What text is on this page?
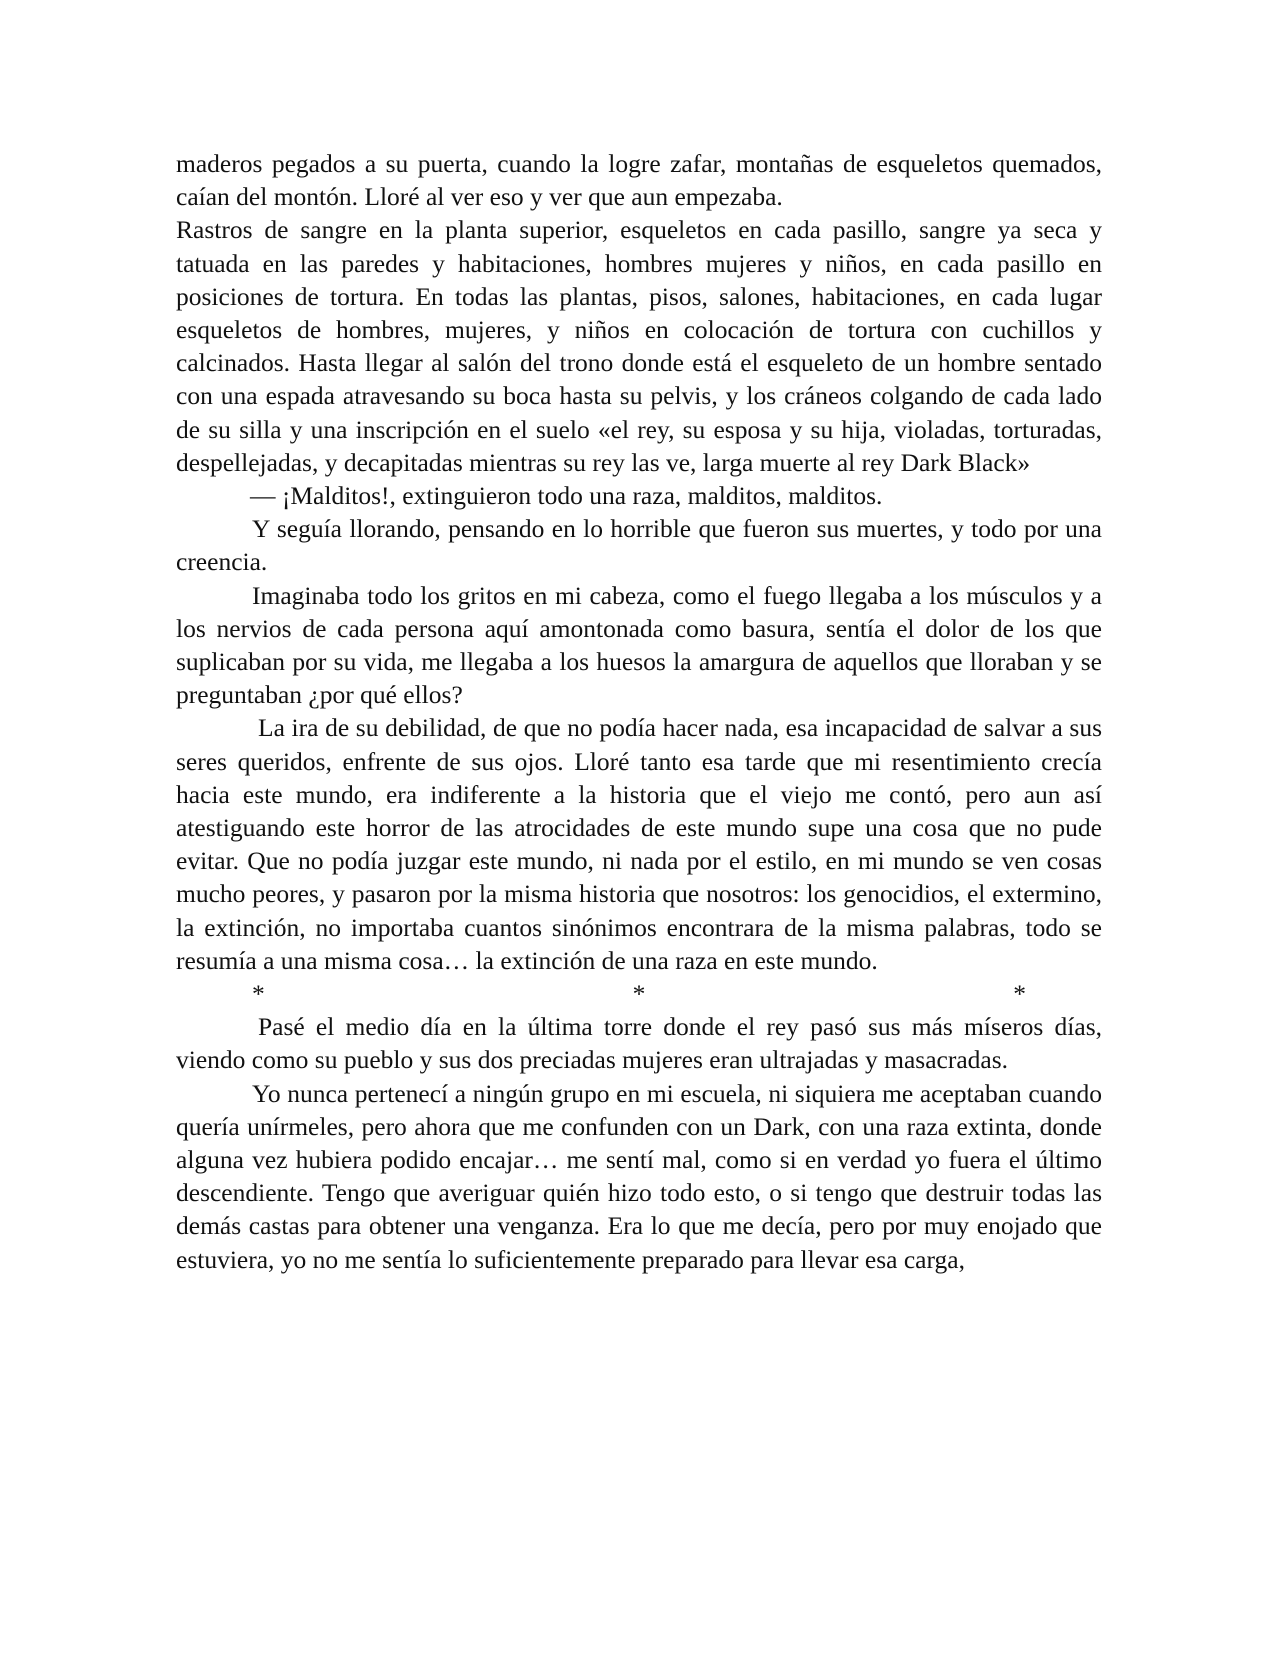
maderos pegados a su puerta, cuando la logre zafar, montañas de esqueletos quemados, caían del montón. Lloré al ver eso y ver que aun empezaba.

Rastros de sangre en la planta superior, esqueletos en cada pasillo, sangre ya seca y tatuada en las paredes y habitaciones, hombres mujeres y niños, en cada pasillo en posiciones de tortura. En todas las plantas, pisos, salones, habitaciones, en cada lugar esqueletos de hombres, mujeres, y niños en colocación de tortura con cuchillos y calcinados. Hasta llegar al salón del trono donde está el esqueleto de un hombre sentado con una espada atravesando su boca hasta su pelvis, y los cráneos colgando de cada lado de su silla y una inscripción en el suelo «el rey, su esposa y su hija, violadas, torturadas, despellejadas, y decapitadas mientras su rey las ve, larga muerte al rey Dark Black»

— ¡Malditos!, extinguieron todo una raza, malditos, malditos.

Y seguía llorando, pensando en lo horrible que fueron sus muertes, y todo por una creencia.

Imaginaba todo los gritos en mi cabeza, como el fuego llegaba a los músculos y a los nervios de cada persona aquí amontonada como basura, sentía el dolor de los que suplicaban por su vida, me llegaba a los huesos la amargura de aquellos que lloraban y se preguntaban ¿por qué ellos?

La ira de su debilidad, de que no podía hacer nada, esa incapacidad de salvar a sus seres queridos, enfrente de sus ojos. Lloré tanto esa tarde que mi resentimiento crecía hacia este mundo, era indiferente a la historia que el viejo me contó, pero aun así atestiguando este horror de las atrocidades de este mundo supe una cosa que no pude evitar. Que no podía juzgar este mundo, ni nada por el estilo, en mi mundo se ven cosas mucho peores, y pasaron por la misma historia que nosotros: los genocidios, el extermino, la extinción, no importaba cuantos sinónimos encontrara de la misma palabras, todo se resumía a una misma cosa… la extinción de una raza en este mundo.

*	*	*

Pasé el medio día en la última torre donde el rey pasó sus más míseros días, viendo como su pueblo y sus dos preciadas mujeres eran ultrajadas y masacradas.

Yo nunca pertenecí a ningún grupo en mi escuela, ni siquiera me aceptaban cuando quería unírmeles, pero ahora que me confunden con un Dark, con una raza extinta, donde alguna vez hubiera podido encajar… me sentí mal, como si en verdad yo fuera el último descendiente. Tengo que averiguar quién hizo todo esto, o si tengo que destruir todas las demás castas para obtener una venganza. Era lo que me decía, pero por muy enojado que estuviera, yo no me sentía lo suficientemente preparado para llevar esa carga,
